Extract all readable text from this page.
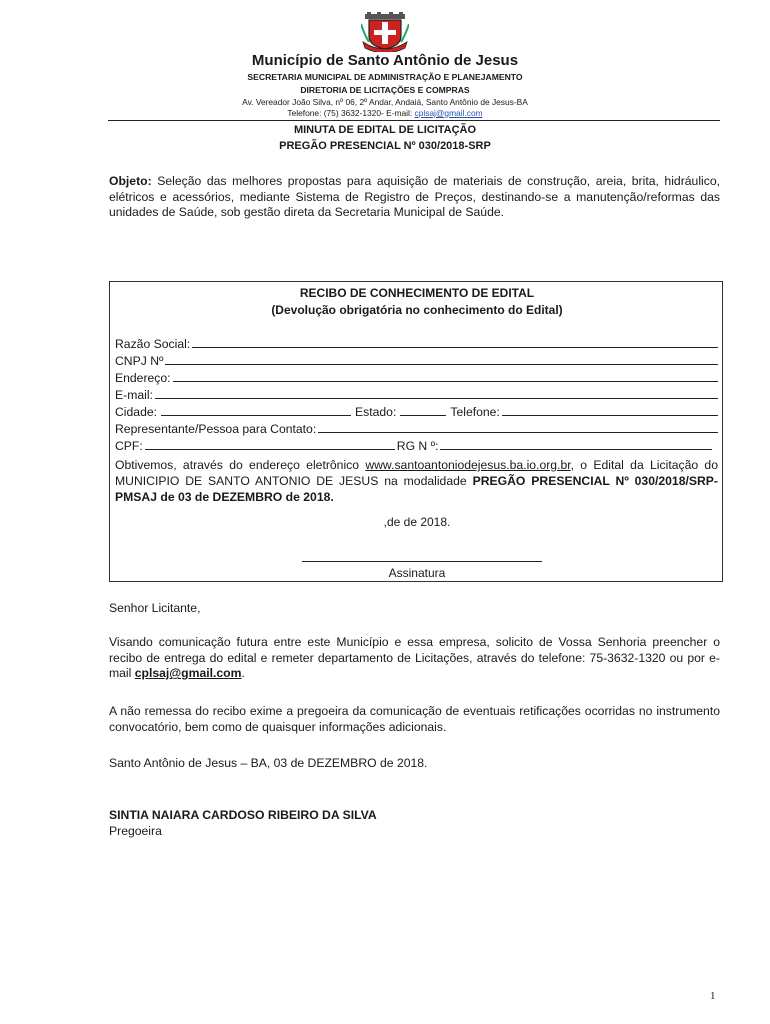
Município de Santo Antônio de Jesus
SECRETARIA MUNICIPAL DE ADMINISTRAÇÃO E PLANEJAMENTO
DIRETORIA DE LICITAÇÕES E COMPRAS
Av. Vereador João Silva, nº 06, 2º Andar, Andaiá, Santo Antônio de Jesus-BA
Telefone: (75) 3632-1320- E-mail: cplsaj@gmail.com
MINUTA DE EDITAL DE LICITAÇÃO
PREGÃO PRESENCIAL Nº 030/2018-SRP
Objeto: Seleção das melhores propostas para aquisição de materiais de construção, areia, brita, hidráulico, elétricos e acessórios, mediante Sistema de Registro de Preços, destinando-se a manutenção/reformas das unidades de Saúde, sob gestão direta da Secretaria Municipal de Saúde.
RECIBO DE CONHECIMENTO DE EDITAL
(Devolução obrigatória no conhecimento do Edital)
Razão Social:
CNPJ Nº
Endereço:
E-mail:
Cidade:	Estado:	Telefone:
Representante/Pessoa para Contato:
CPF:	RG N º:
Obtivemos, através do endereço eletrônico www.santoantoniodejesus.ba.io.org.br, o Edital da Licitação do MUNICIPIO DE SANTO ANTONIO DE JESUS na modalidade PREGÃO PRESENCIAL Nº 030/2018/SRP-PMSAJ de 03 de DEZEMBRO de 2018.
,de de 2018.
Assinatura
Senhor Licitante,
Visando comunicação futura entre este Município e essa empresa, solicito de Vossa Senhoria preencher o recibo de entrega do edital e remeter departamento de Licitações, através do telefone: 75-3632-1320 ou por e-mail cplsaj@gmail.com.
A não remessa do recibo exime a pregoeira da comunicação de eventuais retificações ocorridas no instrumento convocatório, bem como de quaisquer informações adicionais.
Santo Antônio de Jesus – BA, 03 de DEZEMBRO de 2018.
SINTIA NAIARA CARDOSO RIBEIRO DA SILVA
Pregoeira
1
